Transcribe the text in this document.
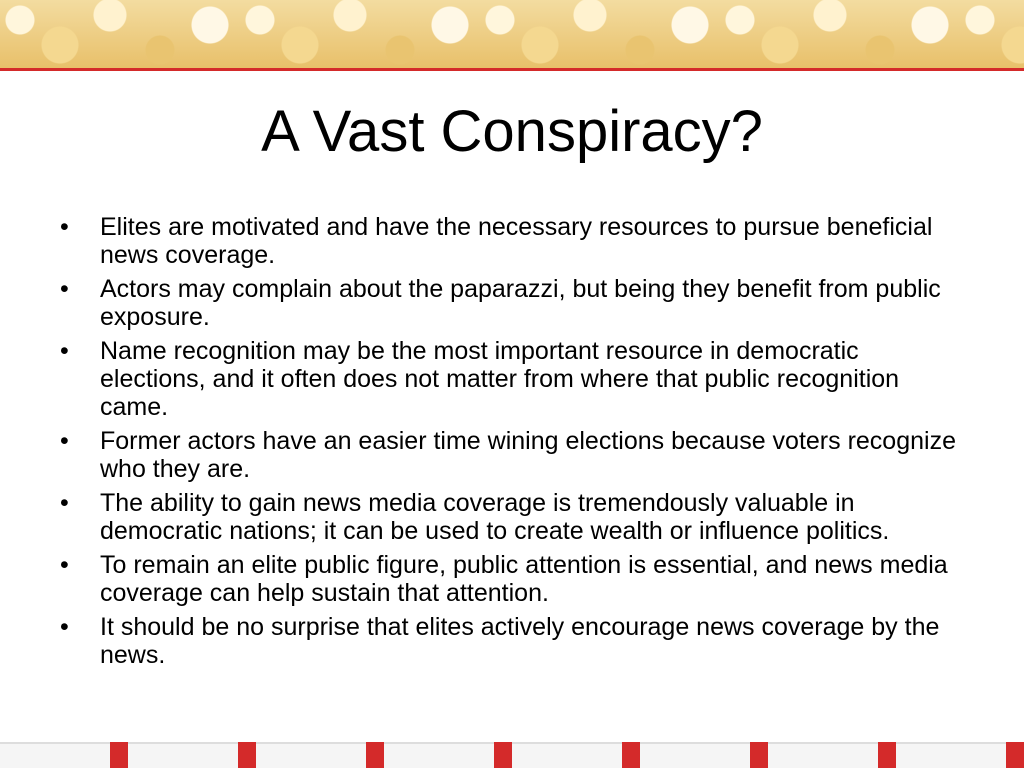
A Vast Conspiracy?
• Elites are motivated and have the necessary resources to pursue beneficial news coverage.
• Actors may complain about the paparazzi, but being they benefit from public exposure.
• Name recognition may be the most important resource in democratic elections, and it often does not matter from where that public recognition came.
• Former actors have an easier time wining elections because voters recognize who they are.
• The ability to gain news media coverage is tremendously valuable in democratic nations; it can be used to create wealth or influence politics.
• To remain an elite public figure, public attention is essential, and news media coverage can help sustain that attention.
• It should be no surprise that elites actively encourage news coverage by the news.
